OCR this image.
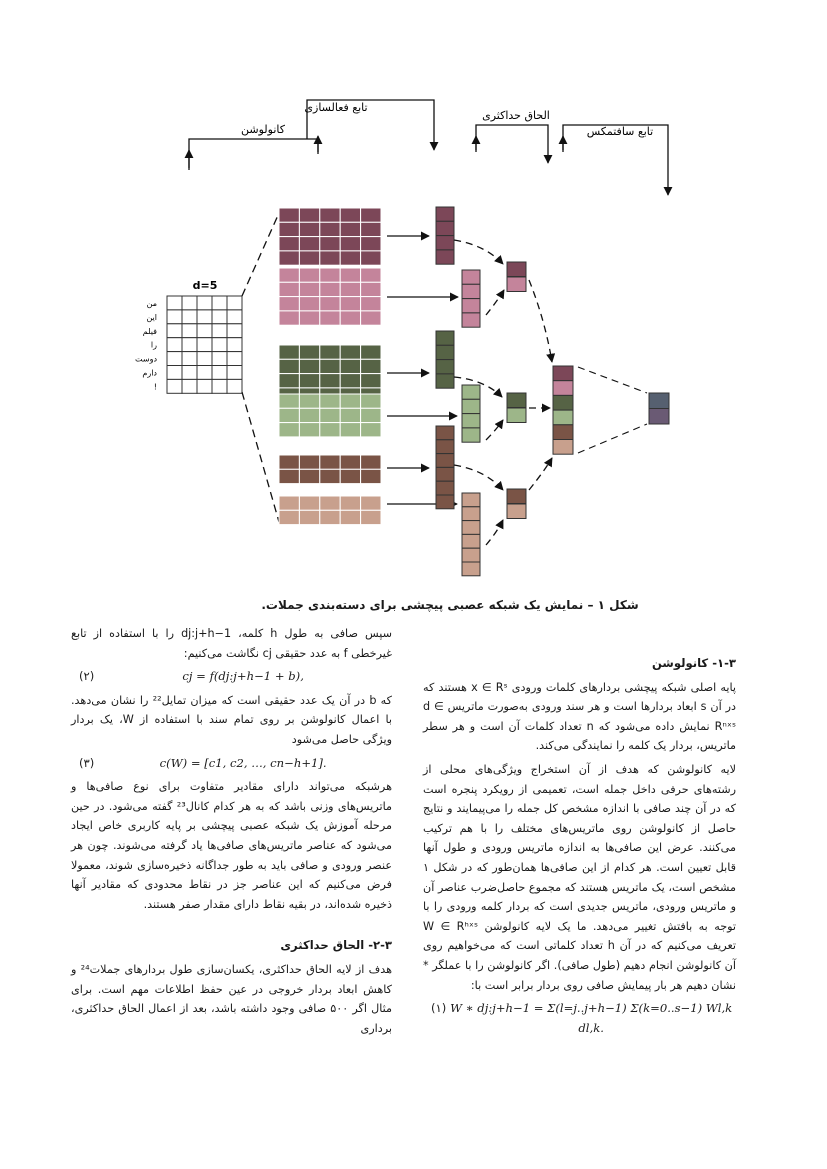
تابع فعالسازی
کانولوشن
الحاق حداکثری
تابع سافتمکس
d=5
من
این
فیلم
را
دوست
دارم
!
شکل ۱ – نمایش یک شبکه عصبی پیچشی برای دسته‌بندی جملات.
۱-۳- کانولوشن

پایه اصلی شبکه پیچشی بردارهای کلمات ورودی x ∈ Rˢ هستند که در آن s ابعاد بردارها است و هر سند ورودی به‌صورت ماتریس d ∈ Rⁿˣˢ نمایش داده می‌شود که n تعداد کلمات آن است و هر سطر ماتریس، بردار یک کلمه را نمایندگی می‌کند.

لایه کانولوشن که هدف از آن استخراج ویژگی‌های محلی از رشته‌های حرفی داخل جمله است، تعمیمی از رویکرد پنجره است که در آن چند صافی با اندازه مشخص کل جمله را می‌پیمایند و نتایج حاصل از کانولوشن روی ماتریس‌های مختلف را با هم ترکیب می‌کنند. عرض این صافی‌ها به اندازه ماتریس ورودی و طول آنها قابل تعیین است. هر کدام از این صافی‌ها همان‌طور که در شکل ۱ مشخص است، یک ماتریس هستند که مجموع حاصل‌ضرب عناصر آن و ماتریس ورودی، ماتریس جدیدی است که بردار کلمه ورودی را با توجه به بافتش تغییر می‌دهد. ما یک لایه کانولوشن W ∈ Rʰˣˢ تعریف می‌کنیم که در آن h تعداد کلماتی است که می‌خواهیم روی آن کانولوشن انجام دهیم (طول صافی). اگر کانولوشن را با عملگر * نشان دهیم هر بار پیمایش صافی روی بردار برابر است با:

W ∗ dj:j+h−1 = Σ(l=j..j+h−1) Σ(k=0..s−1) Wl,k dl,k.
(۱)

سپس صافی به طول h کلمه، dj:j+h−1 را با استفاده از تابع غیرخطی f به عدد حقیقی cj نگاشت می‌کنیم:

cj = f(dj:j+h−1 + b),
(۲)

که b در آن یک عدد حقیقی است که میزان تمایل²² را نشان می‌دهد. با اعمال کانولوشن بر روی تمام سند با استفاده از W، یک بردار ویژگی حاصل می‌شود

c(W) = [c1, c2, …, cn−h+1].
(۳)

هرشبکه می‌تواند دارای مقادیر متفاوت برای نوع صافی‌ها و ماتریس‌های وزنی باشد که به هر کدام کانال²³ گفته می‌شود. در حین مرحله آموزش یک شبکه عصبی پیچشی بر پایه کاربری خاص ایجاد می‌شود که عناصر ماتریس‌های صافی‌ها یاد گرفته می‌شوند. چون هر عنصر ورودی و صافی باید به طور جداگانه ذخیره‌سازی شوند، معمولا فرض می‌کنیم که این عناصر جز در نقاط محدودی که مقادیر آنها ذخیره شده‌اند، در بقیه نقاط دارای مقدار صفر هستند.

۲-۳- الحاق حداکثری

هدف از لایه الحاق حداکثری، یکسان‌سازی طول بردارهای جملات²⁴ و کاهش ابعاد بردار خروجی در عین حفظ اطلاعات مهم است. برای مثال اگر ۵۰۰ صافی وجود داشته باشد، بعد از اعمال الحاق حداکثری، برداری
